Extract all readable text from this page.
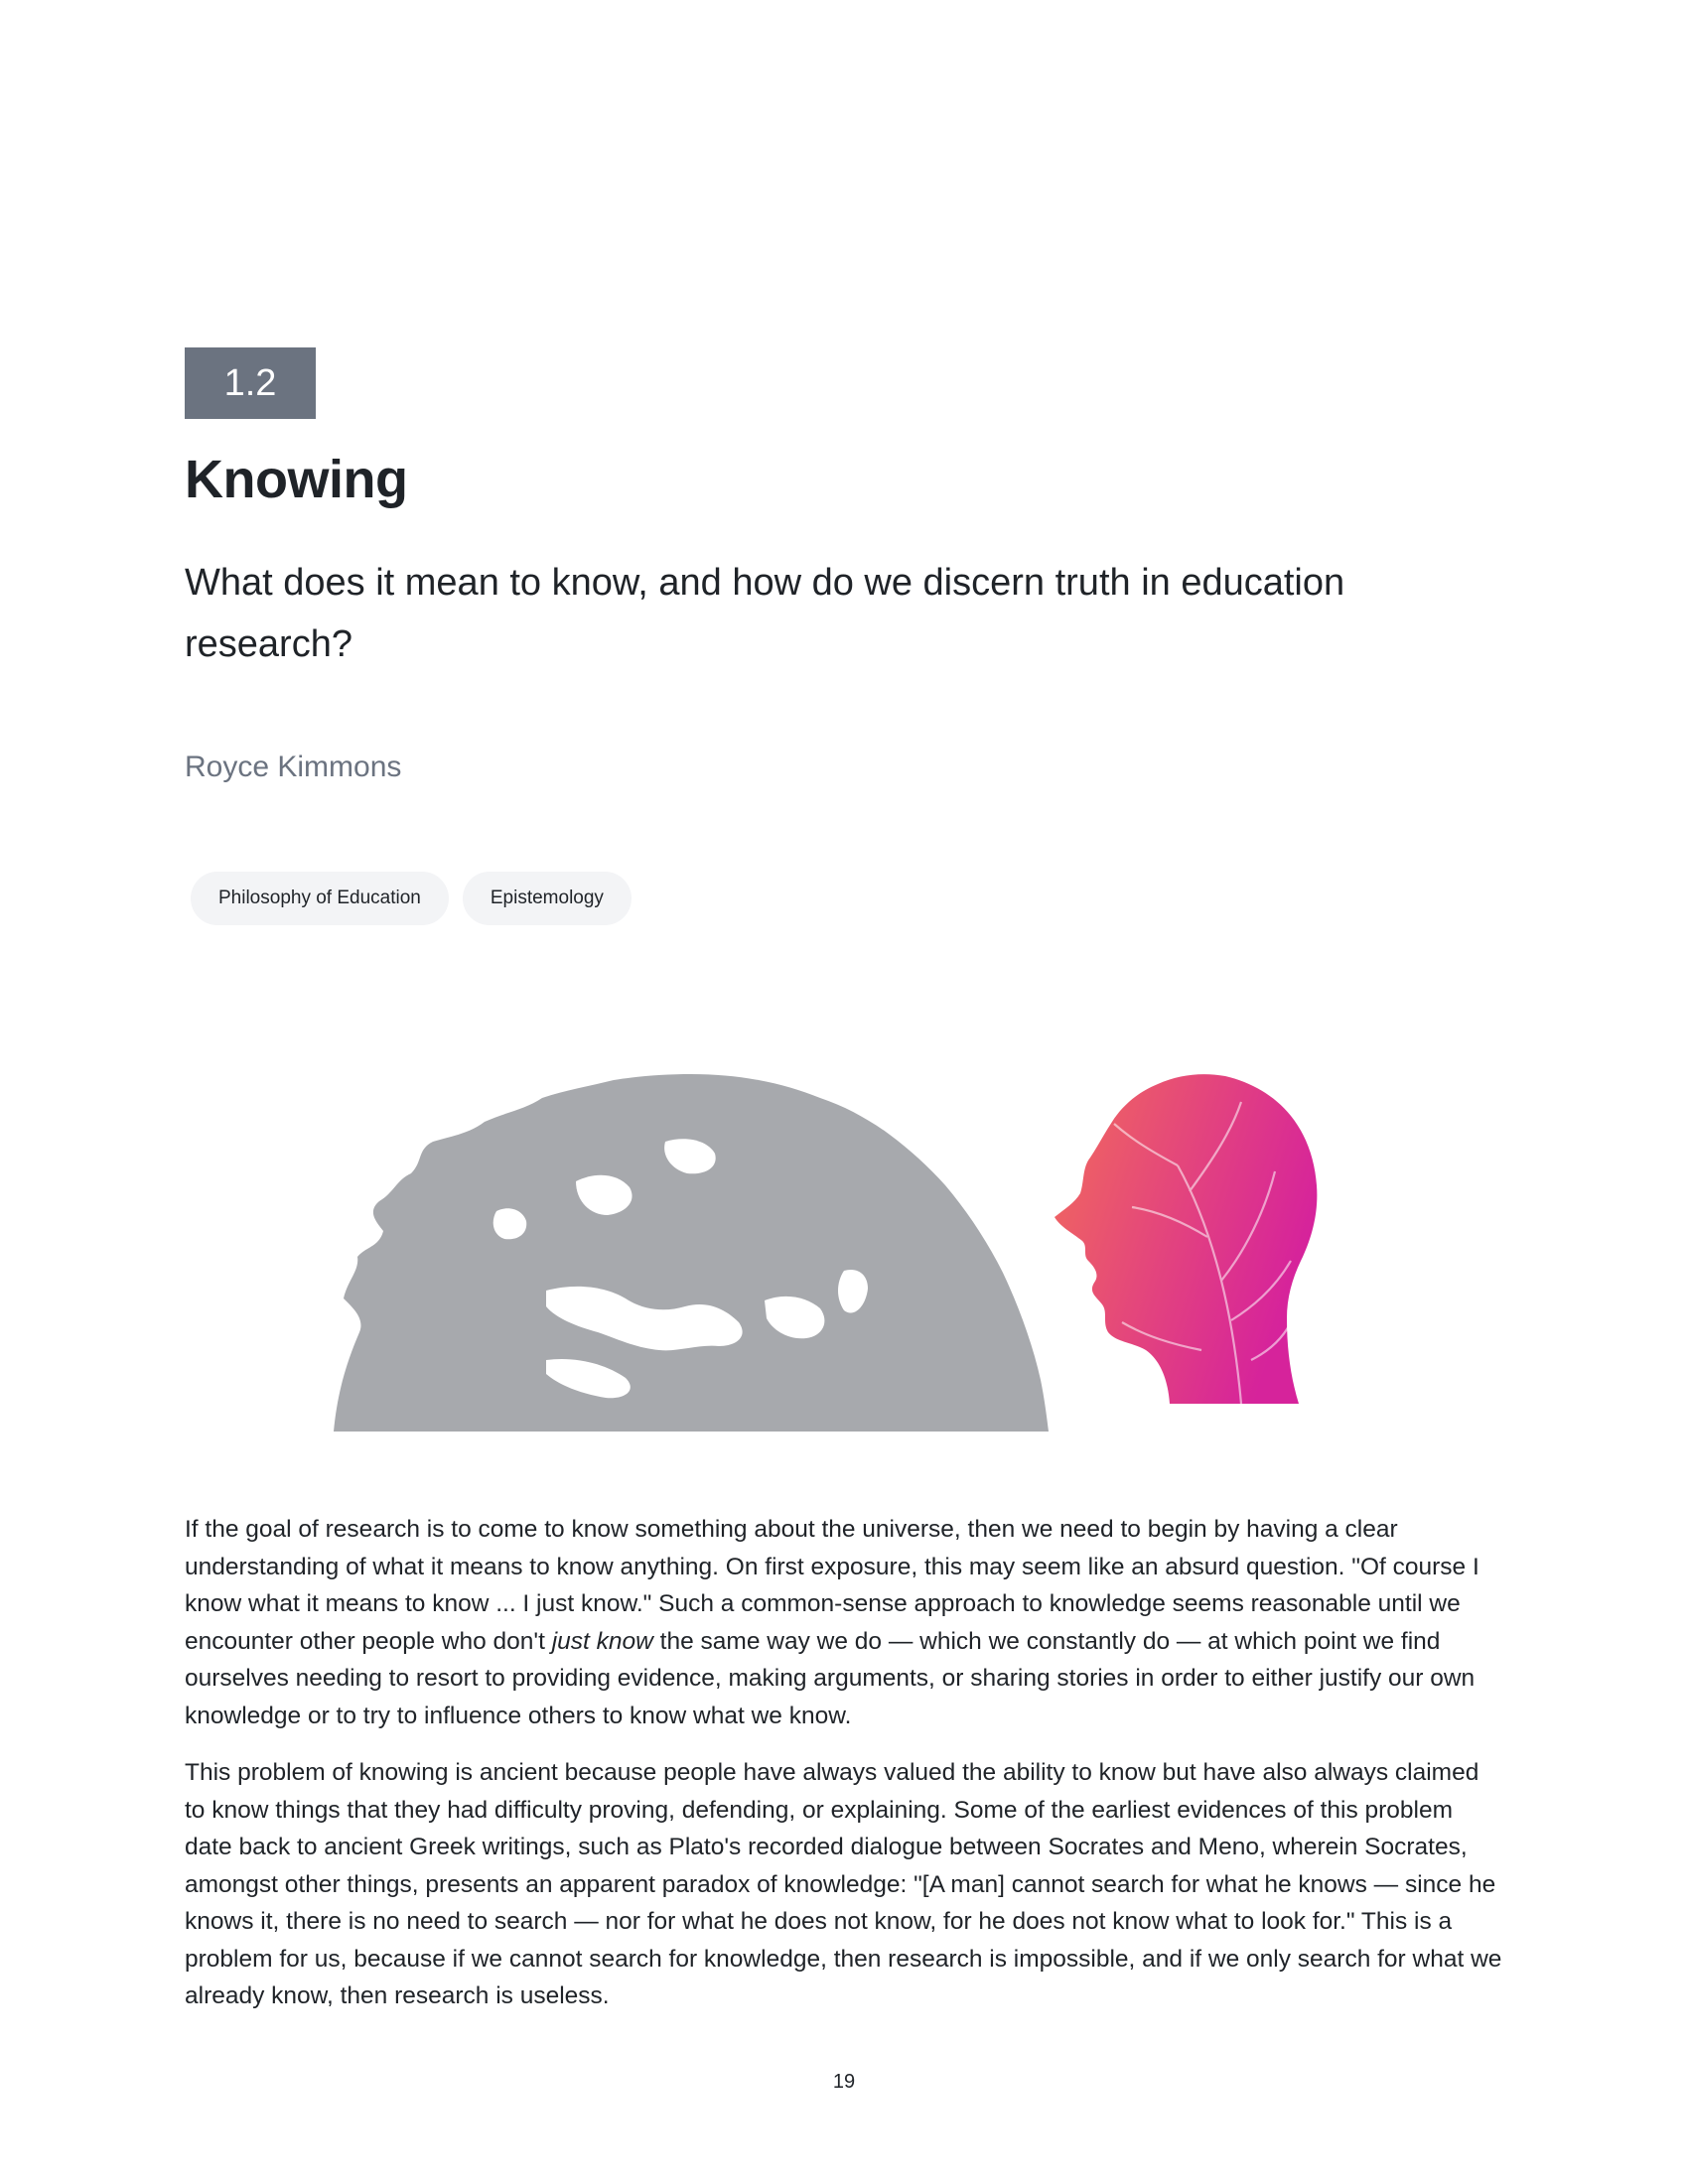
1.2
Knowing
What does it mean to know, and how do we discern truth in education research?

Royce Kimmons

Philosophy of Education	Epistemology

If the goal of research is to come to know something about the universe, then we need to begin by having a clear understanding of what it means to know anything. On first exposure, this may seem like an absurd question. "Of course I know what it means to know ... I just know." Such a common-sense approach to knowledge seems reasonable until we encounter other people who don't just know the same way we do — which we constantly do — at which point we find ourselves needing to resort to providing evidence, making arguments, or sharing stories in order to either justify our own knowledge or to try to influence others to know what we know.

This problem of knowing is ancient because people have always valued the ability to know but have also always claimed to know things that they had difficulty proving, defending, or explaining. Some of the earliest evidences of this problem date back to ancient Greek writings, such as Plato's recorded dialogue between Socrates and Meno, wherein Socrates, amongst other things, presents an apparent paradox of knowledge: "[A man] cannot search for what he knows — since he knows it, there is no need to search — nor for what he does not know, for he does not know what to look for." This is a problem for us, because if we cannot search for knowledge, then research is impossible, and if we only search for what we already know, then research is useless.

19
